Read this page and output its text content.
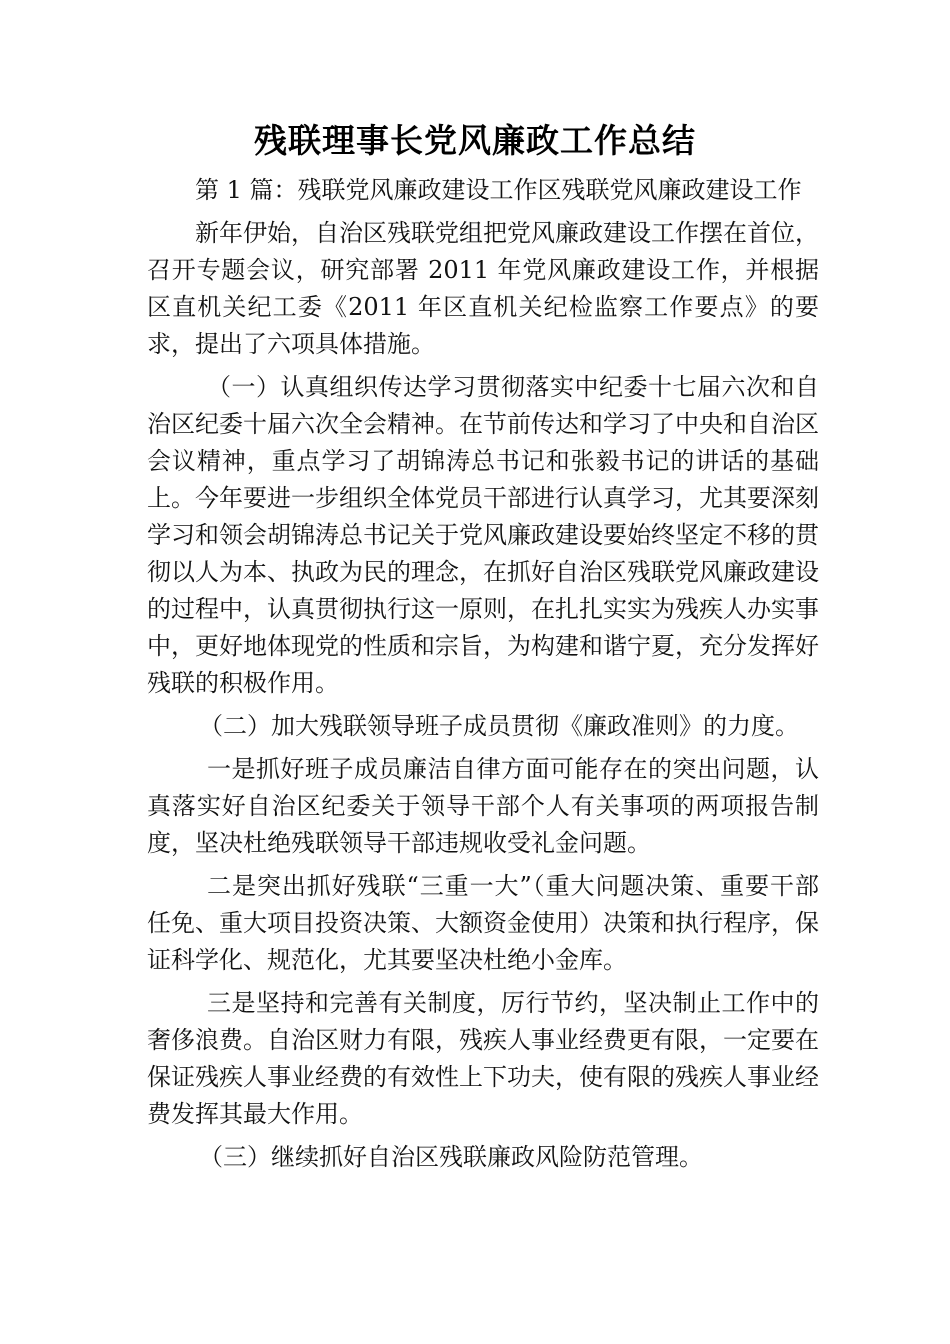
残联理事长党风廉政工作总结

第 1 篇：残联党风廉政建设工作区残联党风廉政建设工作

新年伊始，自治区残联党组把党风廉政建设工作摆在首位，召开专题会议，研究部署 2011 年党风廉政建设工作，并根据区直机关纪工委《2011 年区直机关纪检监察工作要点》的要求，提出了六项具体措施。

（一）认真组织传达学习贯彻落实中纪委十七届六次和自治区纪委十届六次全会精神。在节前传达和学习了中央和自治区会议精神，重点学习了胡锦涛总书记和张毅书记的讲话的基础上。今年要进一步组织全体党员干部进行认真学习，尤其要深刻学习和领会胡锦涛总书记关于党风廉政建设要始终坚定不移的贯彻以人为本、执政为民的理念，在抓好自治区残联党风廉政建设的过程中，认真贯彻执行这一原则，在扎扎实实为残疾人办实事中，更好地体现党的性质和宗旨，为构建和谐宁夏，充分发挥好残联的积极作用。

（二）加大残联领导班子成员贯彻《廉政准则》的力度。

一是抓好班子成员廉洁自律方面可能存在的突出问题，认真落实好自治区纪委关于领导干部个人有关事项的两项报告制度，坚决杜绝残联领导干部违规收受礼金问题。

二是突出抓好残联“三重一大”（重大问题决策、重要干部任免、重大项目投资决策、大额资金使用）决策和执行程序，保证科学化、规范化，尤其要坚决杜绝小金库。

三是坚持和完善有关制度，厉行节约，坚决制止工作中的奢侈浪费。自治区财力有限，残疾人事业经费更有限，一定要在保证残疾人事业经费的有效性上下功夫，使有限的残疾人事业经费发挥其最大作用。

（三）继续抓好自治区残联廉政风险防范管理。
